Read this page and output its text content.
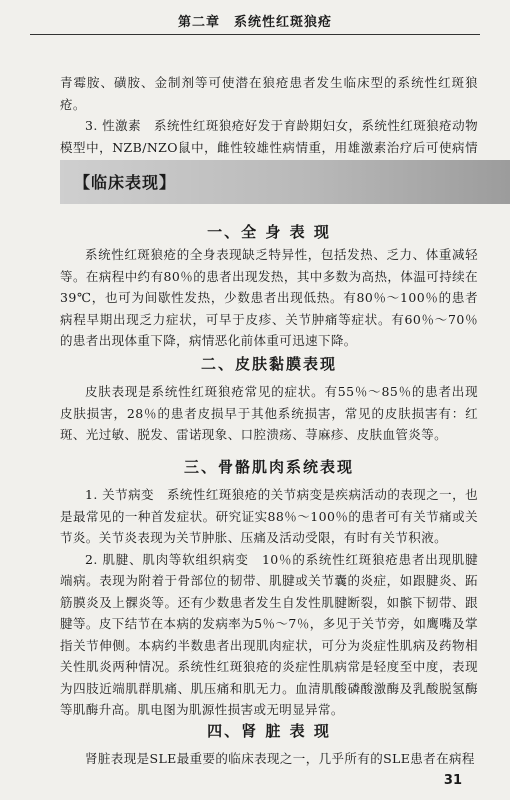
第二章　系统性红斑狼疮

青霉胺、磺胺、金制剂等可使潜在狼疮患者发生临床型的系统性红斑狼疮。

3. 性激素　系统性红斑狼疮好发于育龄期妇女，系统性红斑狼疮动物模型中，NZB/NZO鼠中，雌性较雄性病情重，用雄激素治疗后可使病情

【临床表现】
一、全 身 表 现

系统性红斑狼疮的全身表现缺乏特异性，包括发热、乏力、体重减轻等。在病程中约有80％的患者出现发热，其中多数为高热，体温可持续在39℃，也可为间歇性发热，少数患者出现低热。有80％～100％的患者病程早期出现乏力症状，可早于皮疹、关节肿痛等症状。有60％～70％的患者出现体重下降，病情恶化前体重可迅速下降。

二、皮肤黏膜表现

皮肤表现是系统性红斑狼疮常见的症状。有55％～85％的患者出现皮肤损害，28％的患者皮损早于其他系统损害，常见的皮肤损害有：红斑、光过敏、脱发、雷诺现象、口腔溃疡、荨麻疹、皮肤血管炎等。

三、骨骼肌肉系统表现

1. 关节病变　系统性红斑狼疮的关节病变是疾病活动的表现之一，也是最常见的一种首发症状。研究证实88％～100％的患者可有关节痛或关节炎。关节炎表现为关节肿胀、压痛及活动受限，有时有关节积液。

2. 肌腱、肌肉等软组织病变　10％的系统性红斑狼疮患者出现肌腱端病。表现为附着于骨部位的韧带、肌腱或关节囊的炎症，如跟腱炎、跖筋膜炎及上髁炎等。还有少数患者发生自发性肌腱断裂，如髌下韧带、跟腱等。皮下结节在本病的发病率为5％～7％，多见于关节旁，如鹰嘴及掌指关节伸侧。本病约半数患者出现肌肉症状，可分为炎症性肌病及药物相关性肌炎两种情况。系统性红斑狼疮的炎症性肌病常是轻度至中度，表现为四肢近端肌群肌痛、肌压痛和肌无力。血清肌酸磷酸激酶及乳酸脱氢酶等肌酶升高。肌电图为肌源性损害或无明显异常。

四、肾 脏 表 现

肾脏表现是SLE最重要的临床表现之一，几乎所有的SLE患者在病程

31
